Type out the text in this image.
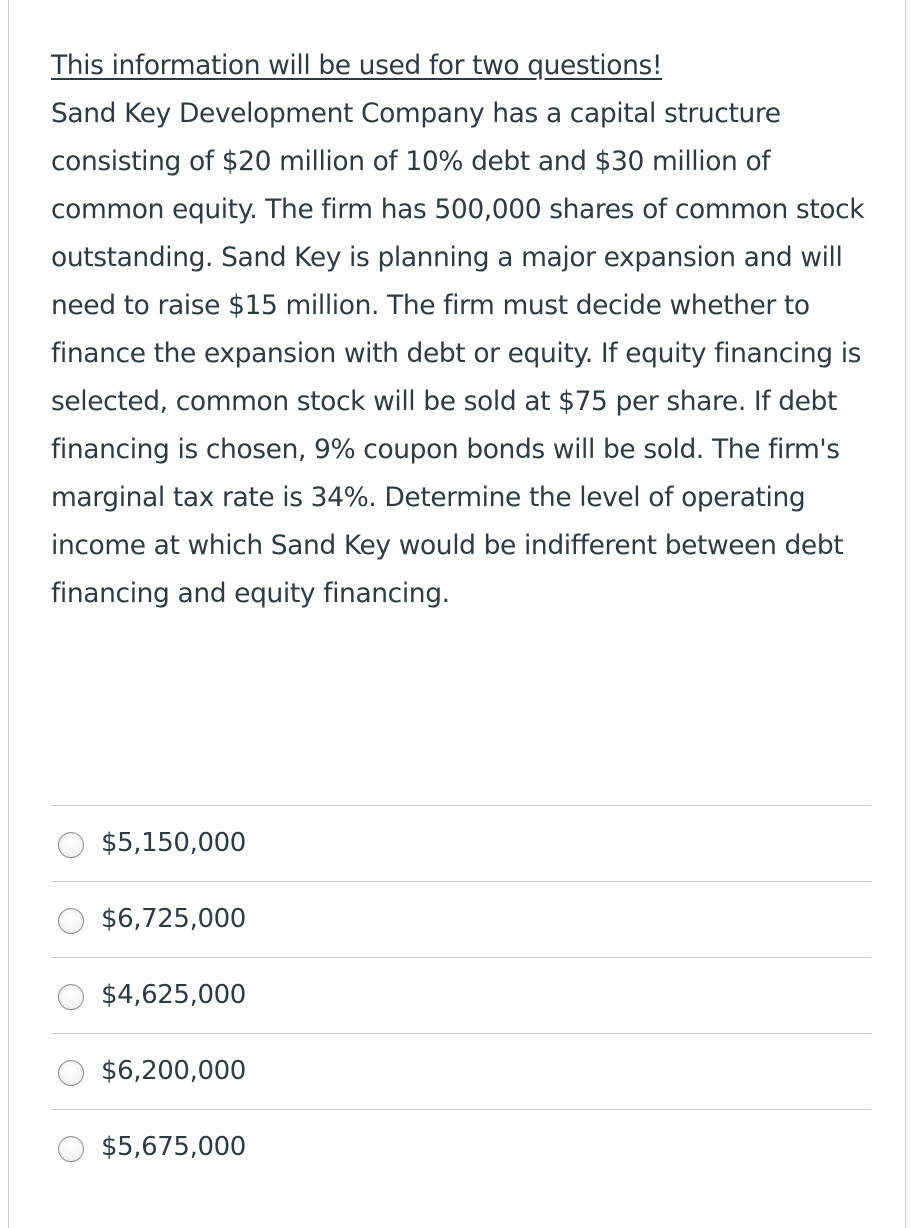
This information will be used for two questions!
Sand Key Development Company has a capital structure consisting of $20 million of 10% debt and $30 million of common equity. The firm has 500,000 shares of common stock outstanding. Sand Key is planning a major expansion and will need to raise $15 million. The firm must decide whether to finance the expansion with debt or equity. If equity financing is selected, common stock will be sold at $75 per share. If debt financing is chosen, 9% coupon bonds will be sold. The firm's marginal tax rate is 34%. Determine the level of operating income at which Sand Key would be indifferent between debt financing and equity financing.
$5,150,000
$6,725,000
$4,625,000
$6,200,000
$5,675,000
